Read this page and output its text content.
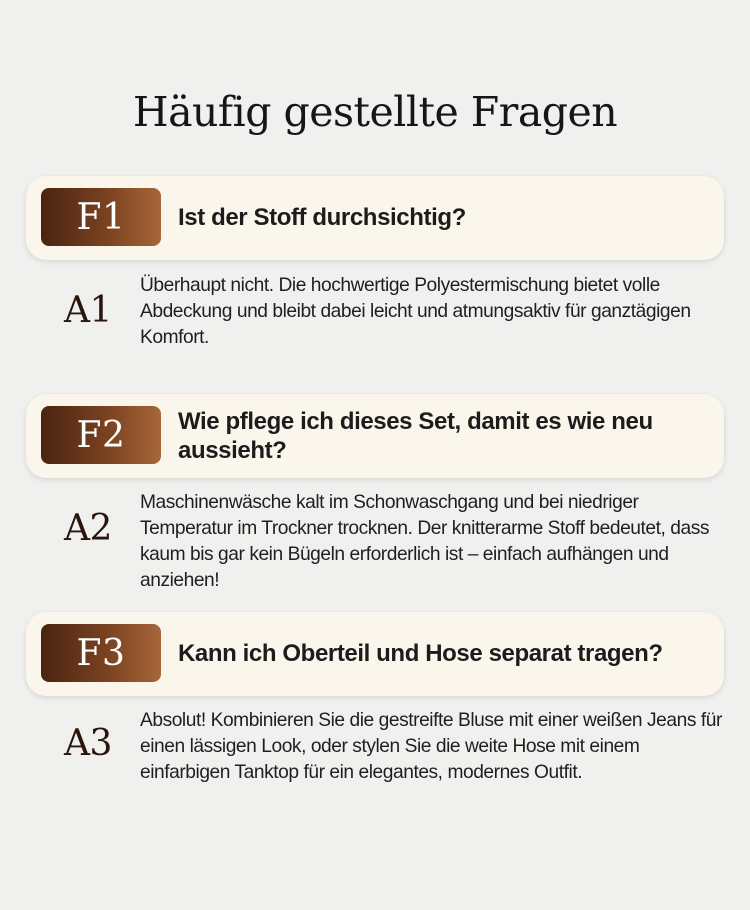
Häufig gestellte Fragen
F1	Ist der Stoff durchsichtig?
A1
Überhaupt nicht. Die hochwertige Polyestermischung bietet volle Abdeckung und bleibt dabei leicht und atmungsaktiv für ganztägigen Komfort.
F2	Wie pflege ich dieses Set, damit es wie neu aussieht?
A2
Maschinenwäsche kalt im Schonwaschgang und bei niedriger Temperatur im Trockner trocknen. Der knitterarme Stoff bedeutet, dass kaum bis gar kein Bügeln erforderlich ist – einfach aufhängen und anziehen!
F3	Kann ich Oberteil und Hose separat tragen?
A3
Absolut! Kombinieren Sie die gestreifte Bluse mit einer weißen Jeans für einen lässigen Look, oder stylen Sie die weite Hose mit einem einfarbigen Tanktop für ein elegantes, modernes Outfit.
